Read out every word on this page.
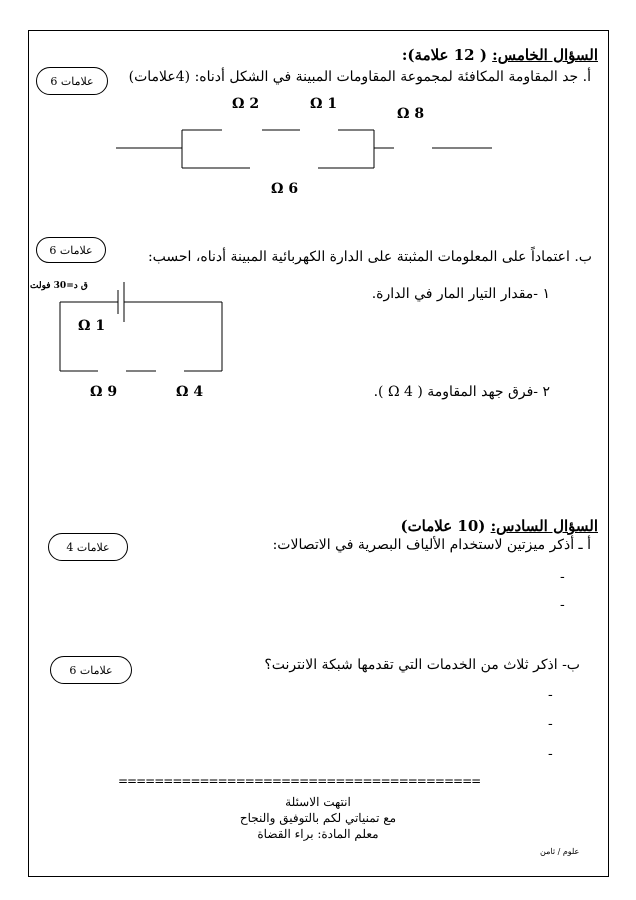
السؤال الخامس: ( 12 علامة):
أ. جد المقاومة المكافئة لمجموعة المقاومات المبينة في الشكل أدناه: (4علامات)
6 علامات
Ω 2	Ω 1
Ω 8
Ω 6
ب. اعتماداً على المعلومات المثبتة على الدارة الكهربائية المبينة أدناه، احسب:
6 علامات
ق د=30 فولت
Ω 1
Ω 9	Ω 4
١ -مقدار التيار المار في الدارة.
٢ -فرق جهد المقاومة ( Ω 4 ).
السؤال السادس: (10 علامات)
أ ـ أذكر ميزتين لاستخدام الألياف البصرية في الاتصالات:
4 علامات
-
-
ب- اذكر ثلاث من الخدمات التي تقدمها شبكة الانترنت؟
6 علامات
-
-
-
========================================
انتهت الاسئلة
مع تمنياتي لكم بالتوفيق والنجاح
معلم المادة: براء القضاة
علوم / ثامن
